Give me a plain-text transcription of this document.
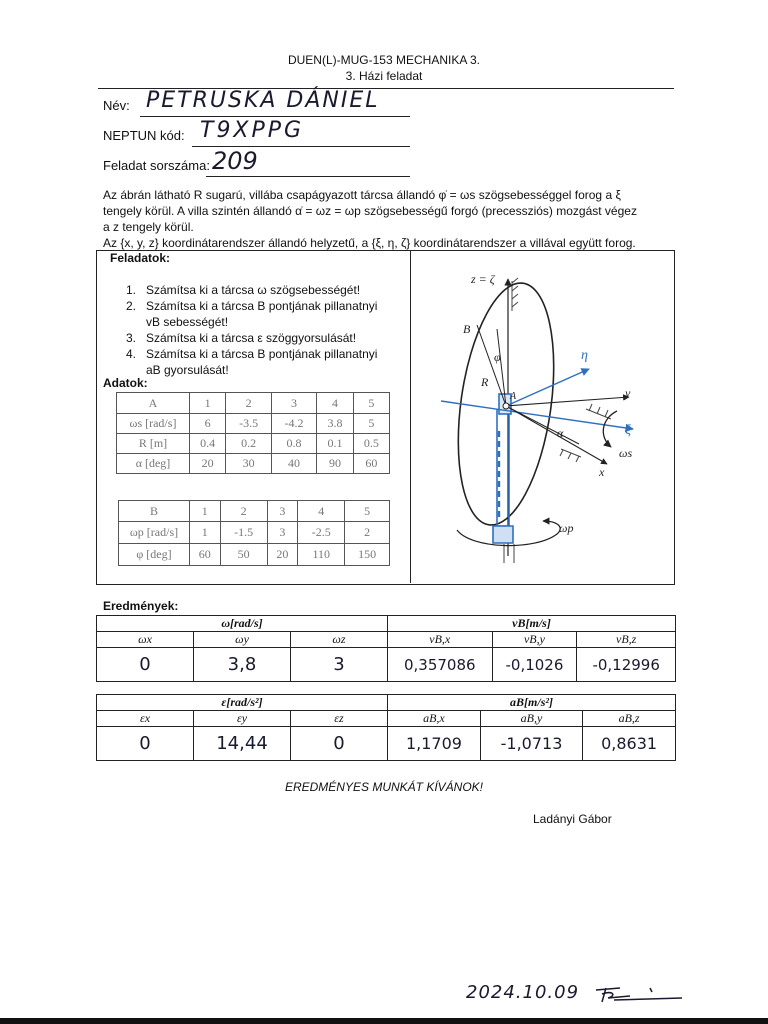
DUEN(L)-MUG-153 MECHANIKA 3.
3. Házi feladat
Név: PETRUSKA DÁNIEL
NEPTUN kód: T9XPPG
Feladat sorszáma: 209
Az ábrán látható R sugarú, villába csapágyazott tárcsa állandó φ̇ = ωs szögsebességgel forog a ξ
tengely körül. A villa szintén állandó α̇ = ωz = ωp szögsebességű forgó (precessziós) mozgást végez
a z tengely körül.
Az {x, y, z} koordinátarendszer állandó helyzetű, a {ξ, η, ζ} koordinátarendszer a villával együtt forog.
Feladatok:
1. Számítsa ki a tárcsa ω szögsebességét!
2. Számítsa ki a tárcsa B pontjának pillanatnyi
vB sebességét!
3. Számítsa ki a tárcsa ε szöggyorsulását!
4. Számítsa ki a tárcsa B pontjának pillanatnyi
aB gyorsulását!
Adatok:
A	1	2	3	4	5
ωs [rad/s]	6	-3.5	-4.2	3.8	5
R [m]	0.4	0.2	0.8	0.1	0.5
α [deg]	20	30	40	90	60
B	1	2	3	4	5
ωp [rad/s]	1	-1.5	3	-2.5	2
φ [deg]	60	50	20	110	150
z = ζ
B
φ
R
A
η
y
α	ξ
ωs
x
ωp
Eredmények:
ω[rad/s]			vB[m/s]		
ωx	ωy	ωz	vB,x	vB,y	vB,z
0	3,8	3	0,357086	-0,1026	-0,12996
ε[rad/s²]			aB[m/s²]		
εx	εy	εz	aB,x	aB,y	aB,z
0	14,44	0	1,1709	-1,0713	0,8631
EREDMÉNYES MUNKÁT KÍVÁNOK!
Ladányi Gábor
2024.10.09
